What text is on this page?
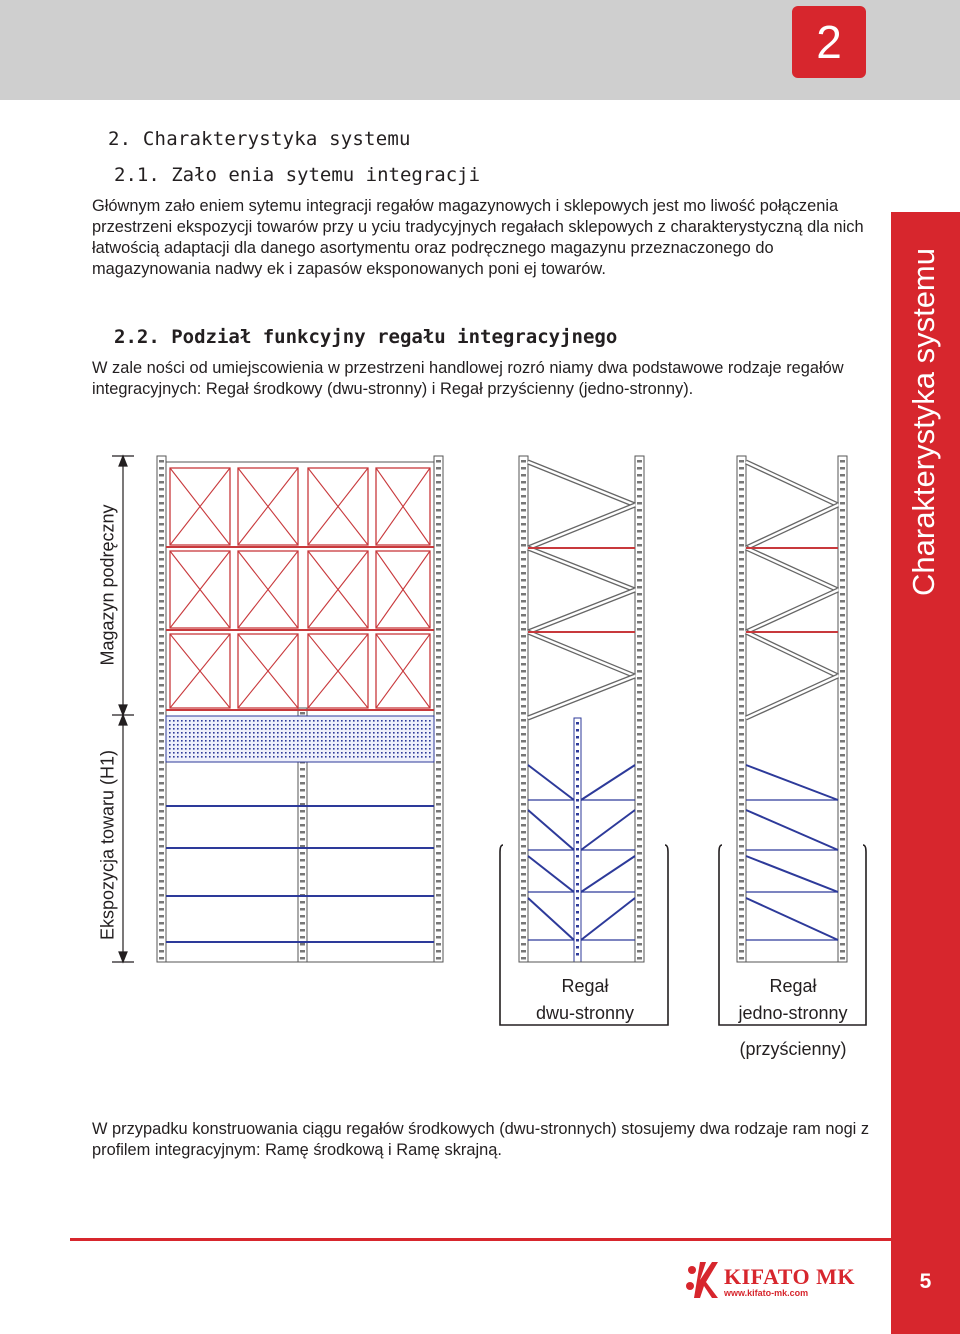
2
Charakterystyka systemu
5
2. Charakterystyka systemu
2.1. Zało enia sytemu integracji

Głównym zało eniem sytemu integracji regałów magazynowych i sklepowych jest mo liwość połączenia przestrzeni ekspozycji towarów przy u yciu tradycyjnych regałach sklepowych z charakterystyczną dla nich łatwością adaptacji dla danego asortymentu oraz podręcznego magazynu przeznaczonego do magazynowania nadwy ek i zapasów eksponowanych poni ej towarów.

2.2. Podział funkcyjny regału integracyjnego

W zale ności od umiejscowienia w przestrzeni handlowej rozró niamy dwa podstawowe rodzaje regałów integracyjnych: Regał środkowy (dwu-stronny) i Regał przyścienny (jedno-stronny).

Magazyn podręczny
Ekspozycja towaru (H1)
Regał
dwu-stronny
Regał
jedno-stronny
(przyścienny)

W przypadku konstruowania ciągu regałów środkowych (dwu-stronnych) stosujemy dwa rodzaje ram nogi z profilem integracyjnym: Ramę środkową i Ramę skrajną.

KIFATO MK
www.kifato-mk.com
